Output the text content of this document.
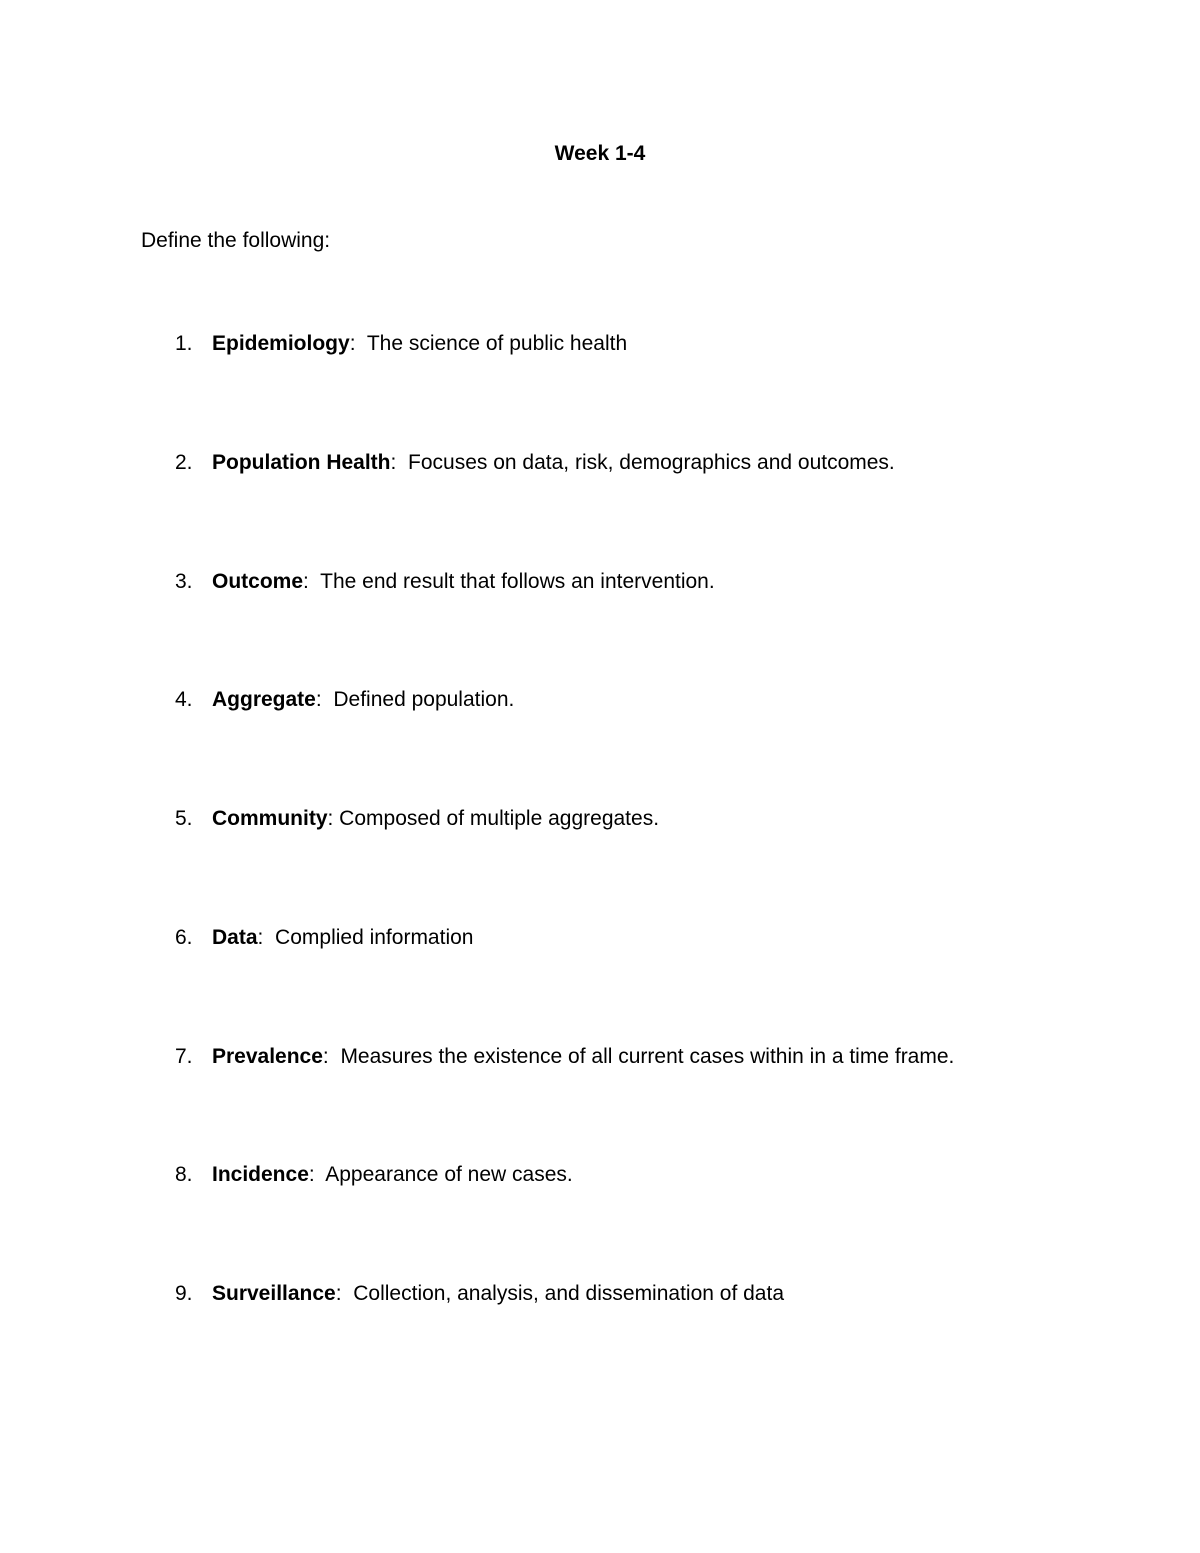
Week 1-4
Define the following:
1. Epidemiology:  The science of public health
2. Population Health:  Focuses on data, risk, demographics and outcomes.
3. Outcome:  The end result that follows an intervention.
4. Aggregate:  Defined population.
5. Community: Composed of multiple aggregates.
6. Data:  Complied information
7. Prevalence:  Measures the existence of all current cases within in a time frame.
8. Incidence:  Appearance of new cases.
9. Surveillance:  Collection, analysis, and dissemination of data
